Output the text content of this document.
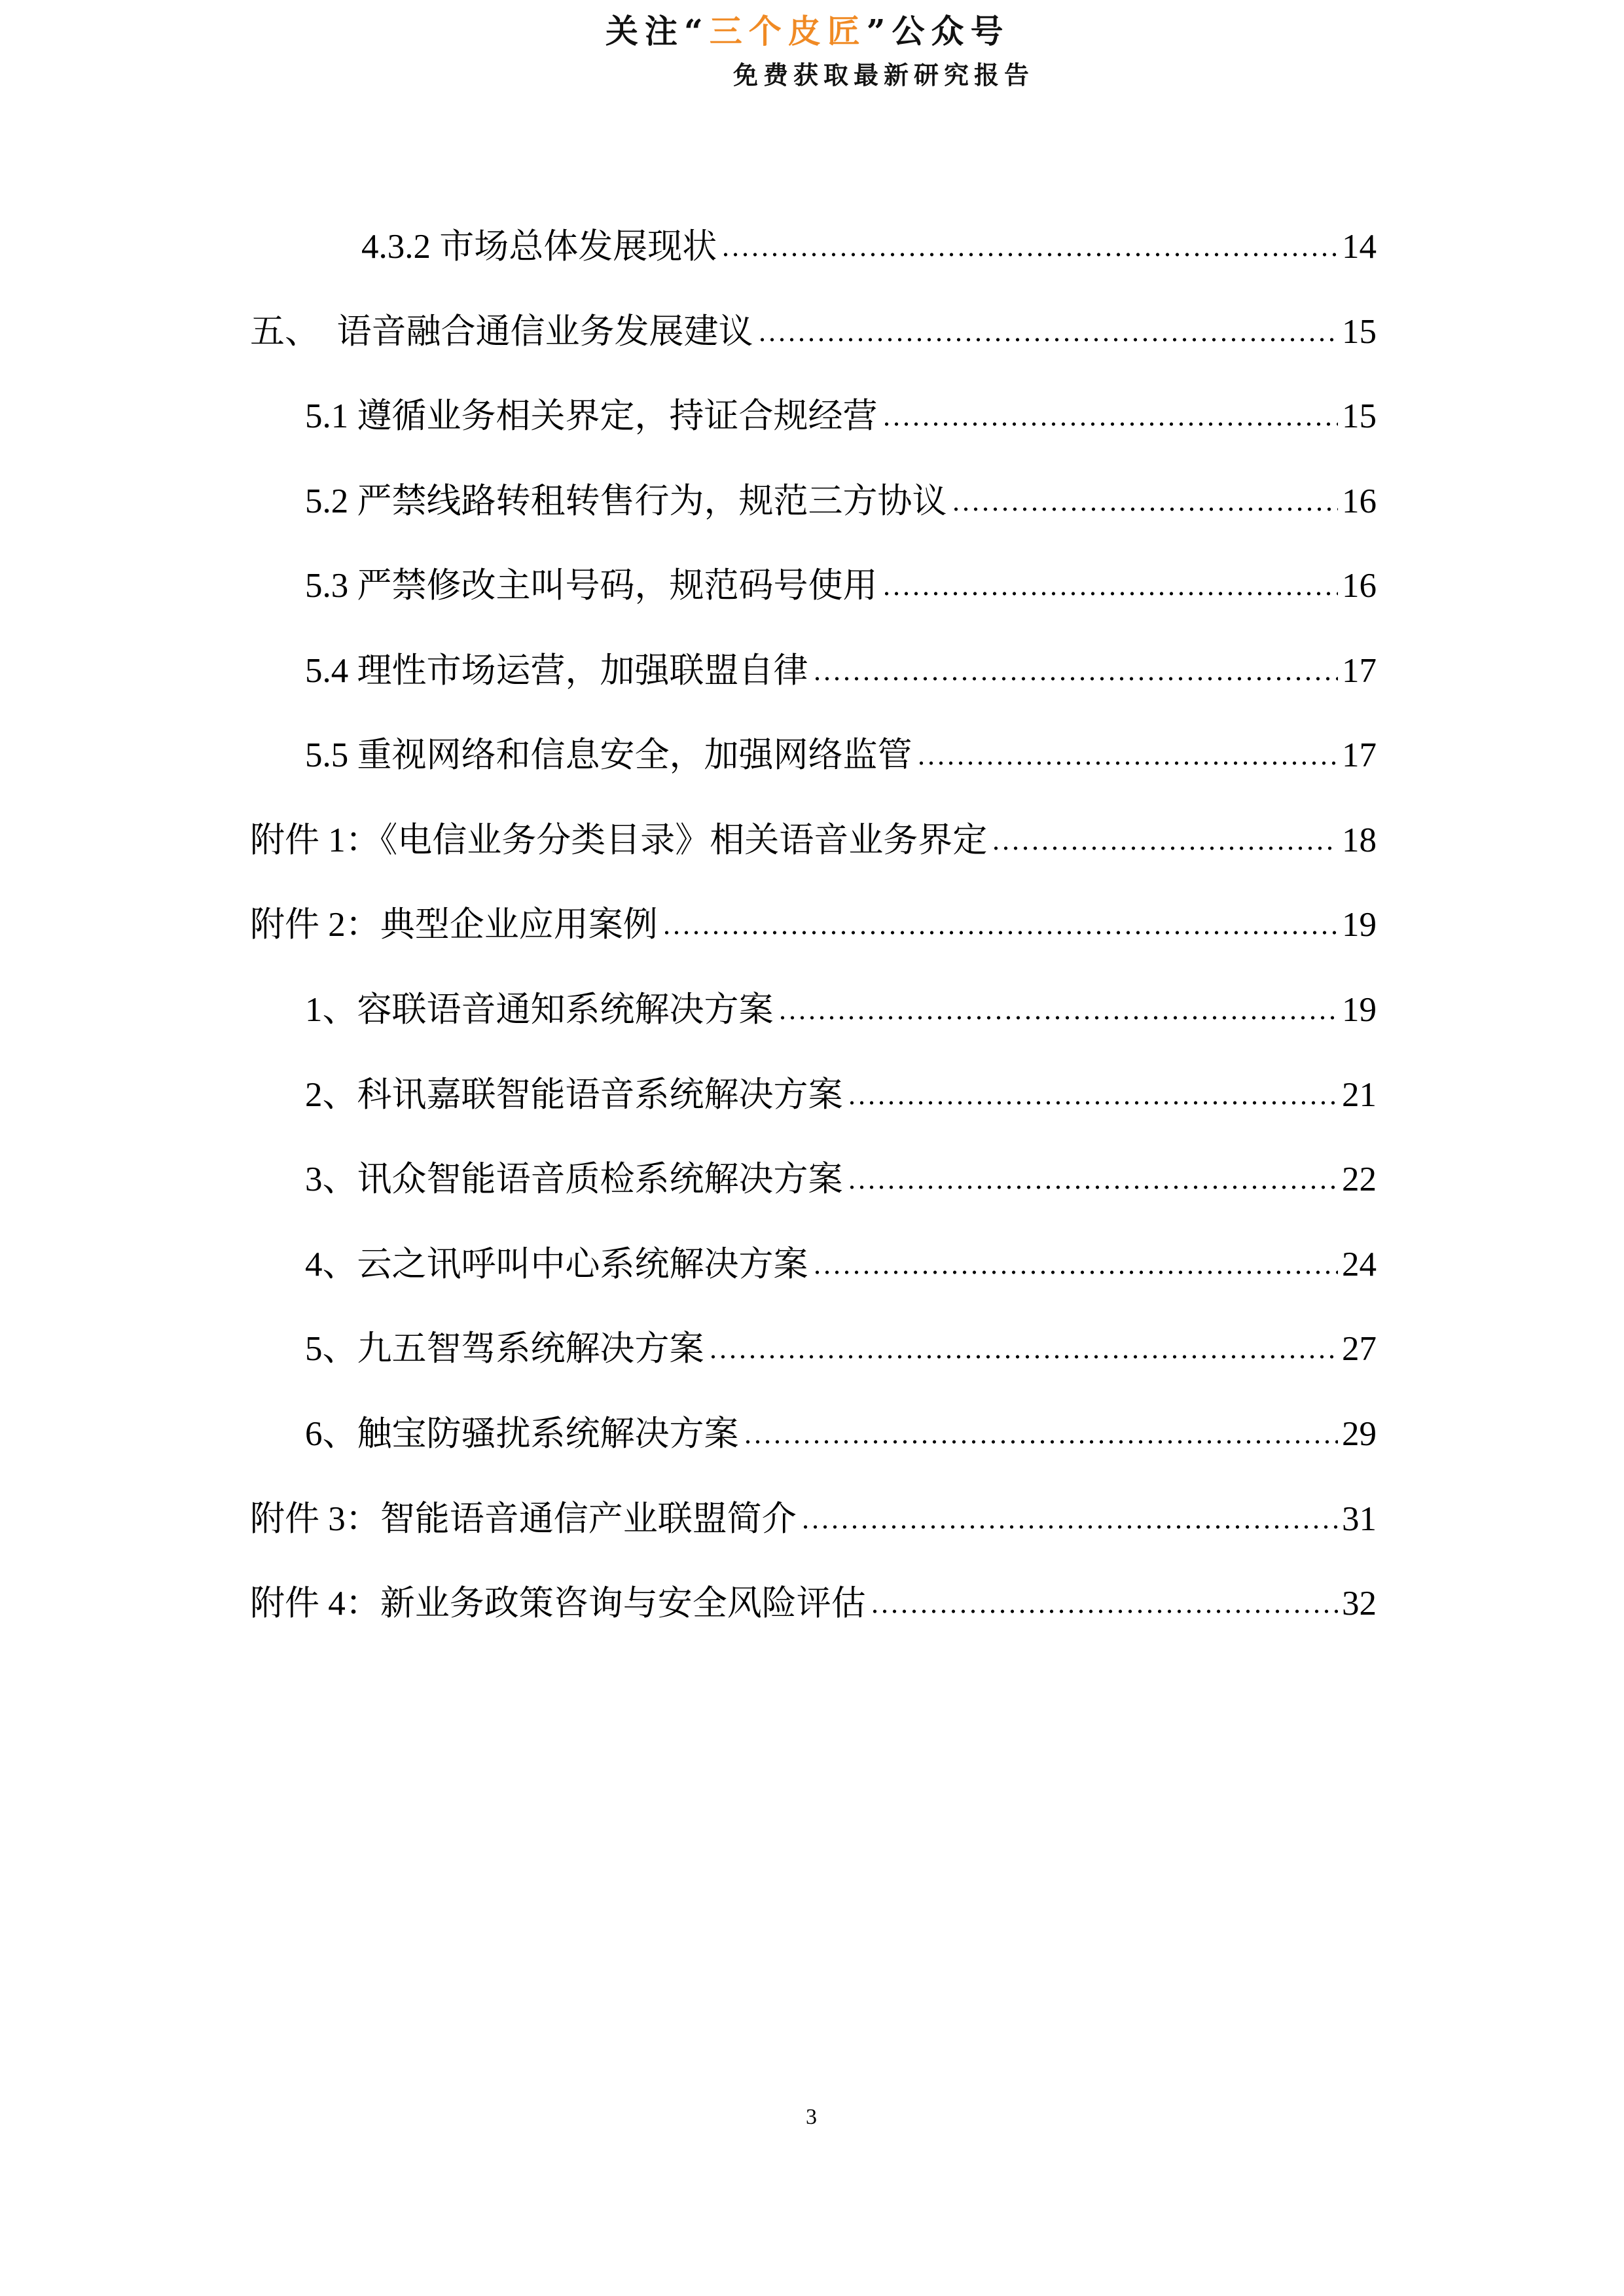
关注“三个皮匠”公众号
免费获取最新研究报告
4.3.2 市场总体发展现状	14
五、　语音融合通信业务发展建议	15
5.1 遵循业务相关界定，持证合规经营	15
5.2 严禁线路转租转售行为，规范三方协议	16
5.3 严禁修改主叫号码，规范码号使用	16
5.4 理性市场运营，加强联盟自律	17
5.5 重视网络和信息安全，加强网络监管	17
附件 1：《电信业务分类目录》相关语音业务界定	18
附件 2：典型企业应用案例	19
1、容联语音通知系统解决方案	19
2、科讯嘉联智能语音系统解决方案	21
3、讯众智能语音质检系统解决方案	22
4、云之讯呼叫中心系统解决方案	24
5、九五智驾系统解决方案	27
6、触宝防骚扰系统解决方案	29
附件 3：智能语音通信产业联盟简介	31
附件 4：新业务政策咨询与安全风险评估	32
3
